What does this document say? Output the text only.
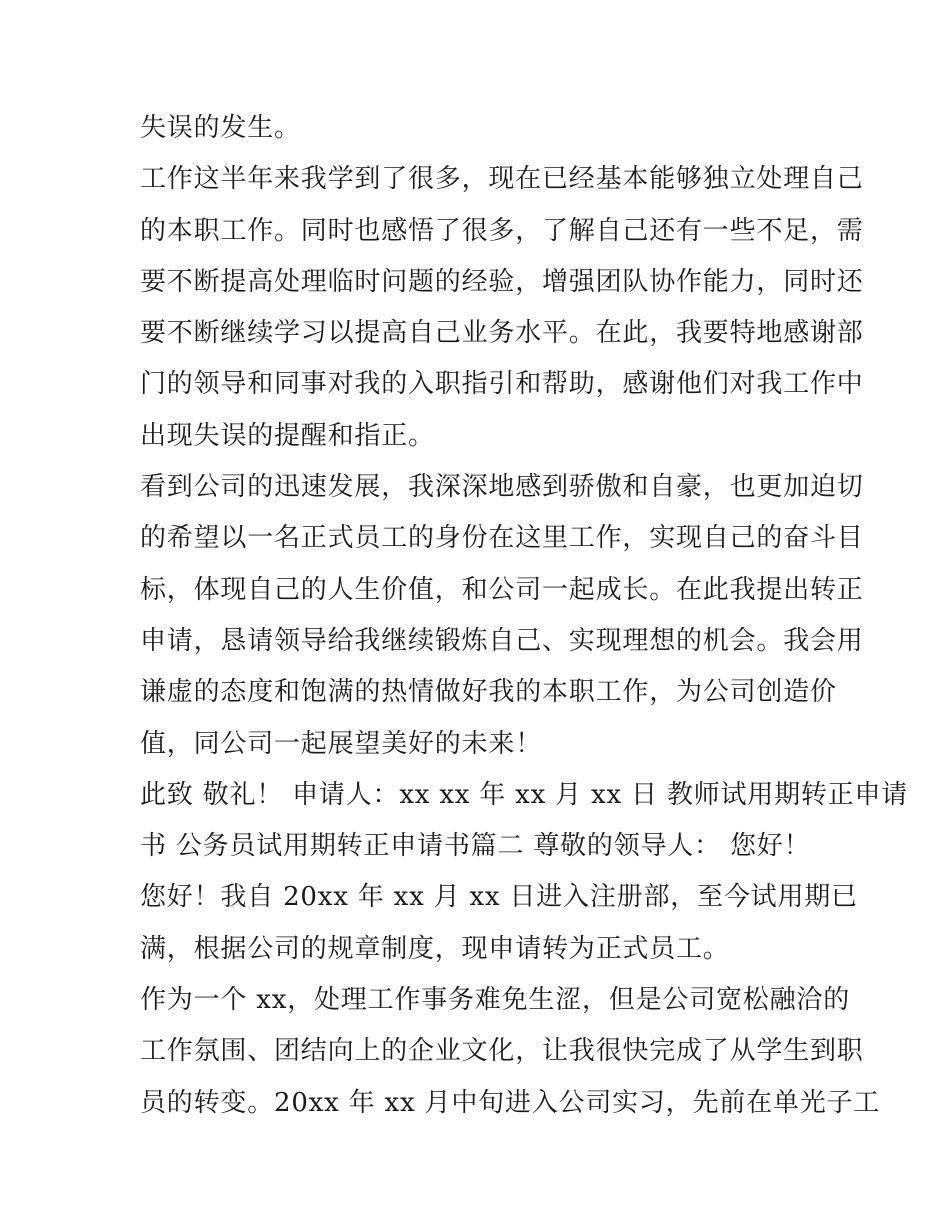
失误的发生。
工作这半年来我学到了很多，现在已经基本能够独立处理自己
的本职工作。同时也感悟了很多，了解自己还有一些不足，需
要不断提高处理临时问题的经验，增强团队协作能力，同时还
要不断继续学习以提高自己业务水平。在此，我要特地感谢部
门的领导和同事对我的入职指引和帮助，感谢他们对我工作中
出现失误的提醒和指正。
看到公司的迅速发展，我深深地感到骄傲和自豪，也更加迫切
的希望以一名正式员工的身份在这里工作，实现自己的奋斗目
标，体现自己的人生价值，和公司一起成长。在此我提出转正
申请，恳请领导给我继续锻炼自己、实现理想的机会。我会用
谦虚的态度和饱满的热情做好我的本职工作，为公司创造价
值，同公司一起展望美好的未来！
此致 敬礼！ 申请人：xx xx 年 xx 月 xx 日 教师试用期转正申请
书 公务员试用期转正申请书篇二 尊敬的领导人： 您好！
您好！我自 20xx 年 xx 月 xx 日进入注册部，至今试用期已
满，根据公司的规章制度，现申请转为正式员工。
作为一个 xx，处理工作事务难免生涩，但是公司宽松融洽的
工作氛围、团结向上的企业文化，让我很快完成了从学生到职
员的转变。20xx 年 xx 月中旬进入公司实习，先前在单光子工
